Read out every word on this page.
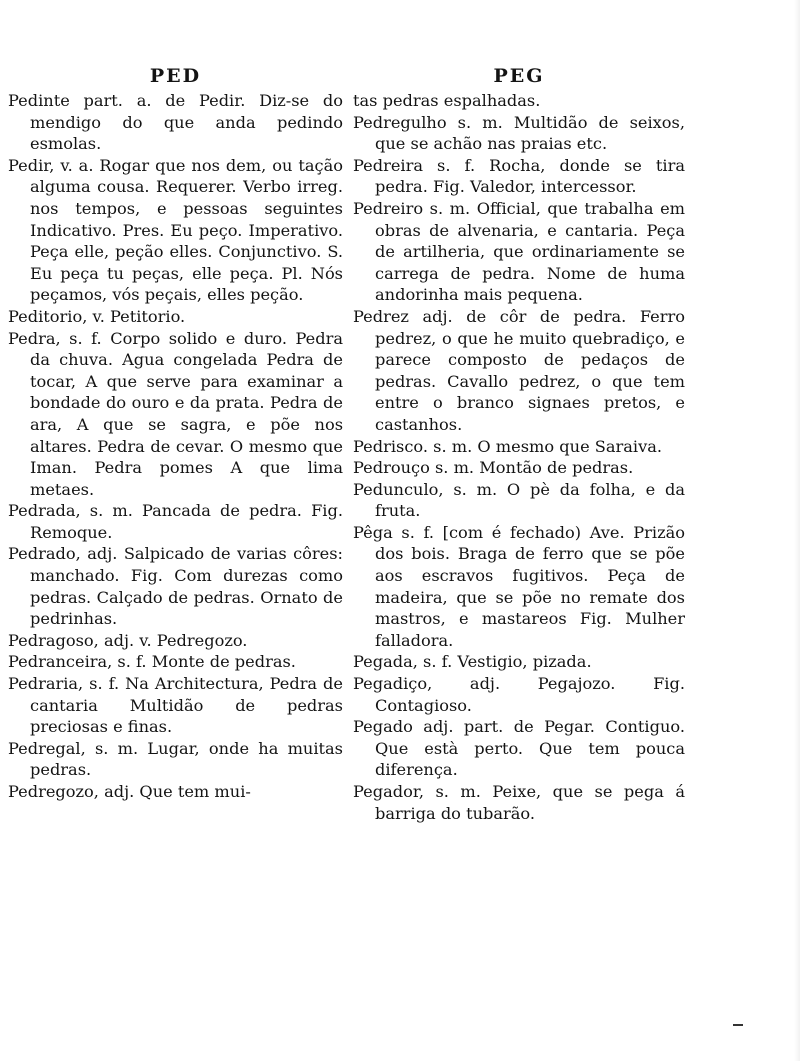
PED

Pedinte part. a. de Pedir. Diz-se do mendigo do que anda pedindo esmolas.

Pedir, v. a. Rogar que nos dem, ou tação alguma cousa. Requerer. Verbo irreg. nos tempos, e pessoas seguintes Indicativo. Pres. Eu peço. Imperativo. Peça elle, peção elles. Conjunctivo. S. Eu peça tu peças, elle peça. Pl. Nós peçamos, vós peçais, elles peção.

Peditorio, v. Petitorio.

Pedra, s. f. Corpo solido e duro. Pedra da chuva. Agua congelada Pedra de tocar, A que serve para examinar a bondade do ouro e da prata. Pedra de ara, A que se sagra, e põe nos altares. Pedra de cevar. O mesmo que Iman. Pedra pomes A que lima metaes.

Pedrada, s. m. Pancada de pedra. Fig. Remoque.

Pedrado, adj. Salpicado de varias côres: manchado. Fig. Com durezas como pedras. Calçado de pedras. Ornato de pedrinhas.

Pedragoso, adj. v. Pedregozo.

Pedranceira, s. f. Monte de pedras.

Pedraria, s. f. Na Architectura, Pedra de cantaria Multidão de pedras preciosas e finas.

Pedregal, s. m. Lugar, onde ha muitas pedras.

Pedregozo, adj. Que tem mui-

PEG

tas pedras espalhadas.

Pedregulho s. m. Multidão de seixos, que se achão nas praias etc.

Pedreira s. f. Rocha, donde se tira pedra. Fig. Valedor, intercessor.

Pedreiro s. m. Official, que trabalha em obras de alvenaria, e cantaria. Peça de artilheria, que ordinariamente se carrega de pedra. Nome de huma andorinha mais pequena.

Pedrez adj. de côr de pedra. Ferro pedrez, o que he muito quebradiço, e parece composto de pedaços de pedras. Cavallo pedrez, o que tem entre o branco signaes pretos, e castanhos.

Pedrisco. s. m. O mesmo que Saraiva.

Pedrouço s. m. Montão de pedras.

Pedunculo, s. m. O pè da folha, e da fruta.

Pêga s. f. [com é fechado) Ave. Prizão dos bois. Braga de ferro que se põe aos escravos fugitivos. Peça de madeira, que se põe no remate dos mastros, e mastareos Fig. Mulher falladora.

Pegada, s. f. Vestigio, pizada.

Pegadiço, adj. Pegajozo. Fig. Contagioso.

Pegado adj. part. de Pegar. Contiguo. Que està perto. Que tem pouca diferença.

Pegador, s. m. Peixe, que se pega á barriga do tubarão.
